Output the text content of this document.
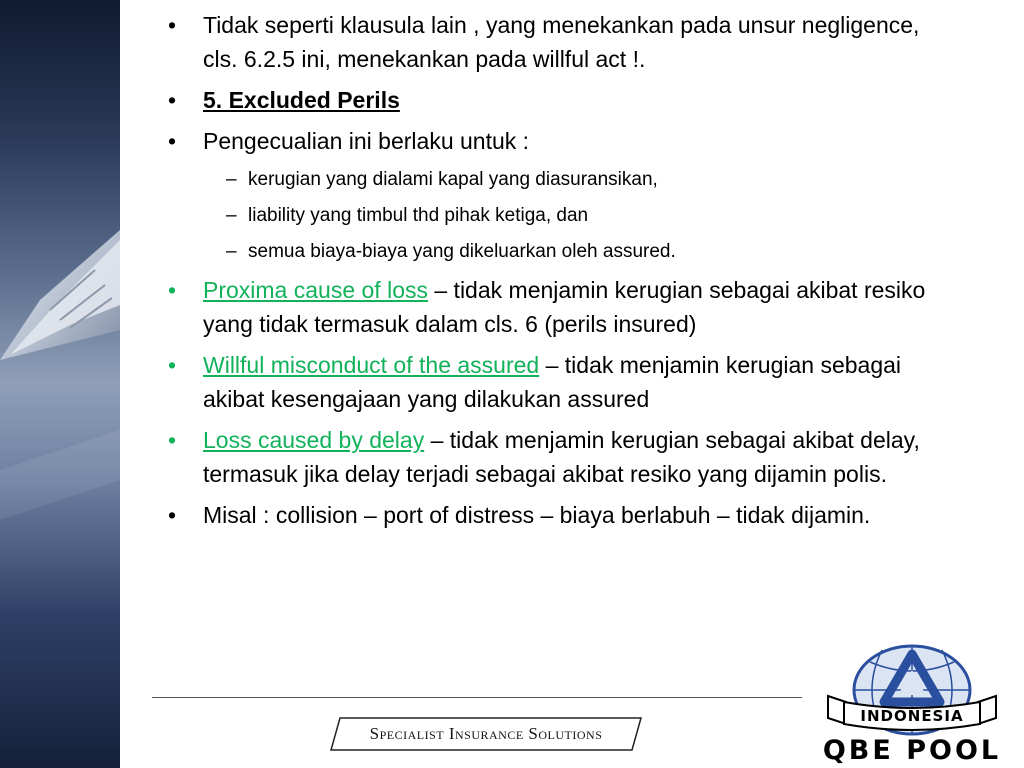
• Tidak seperti klausula lain , yang menekankan pada unsur negligence, cls. 6.2.5 ini, menekankan pada willful act !.
• 5. Excluded Perils
• Pengecualian ini berlaku untuk :
– kerugian yang dialami kapal yang diasuransikan,
– liability yang timbul thd pihak ketiga, dan
– semua biaya-biaya yang dikeluarkan oleh assured.
• Proxima cause of loss – tidak menjamin kerugian sebagai akibat resiko yang tidak termasuk dalam cls. 6 (perils insured)
• Willful misconduct of the assured – tidak menjamin kerugian sebagai akibat kesengajaan yang dilakukan assured
• Loss caused by delay – tidak menjamin kerugian sebagai akibat delay, termasuk jika delay terjadi sebagai akibat resiko yang dijamin polis.
• Misal : collision – port of distress – biaya berlabuh – tidak dijamin.
Specialist Insurance Solutions
INDONESIA
QBE POOL
